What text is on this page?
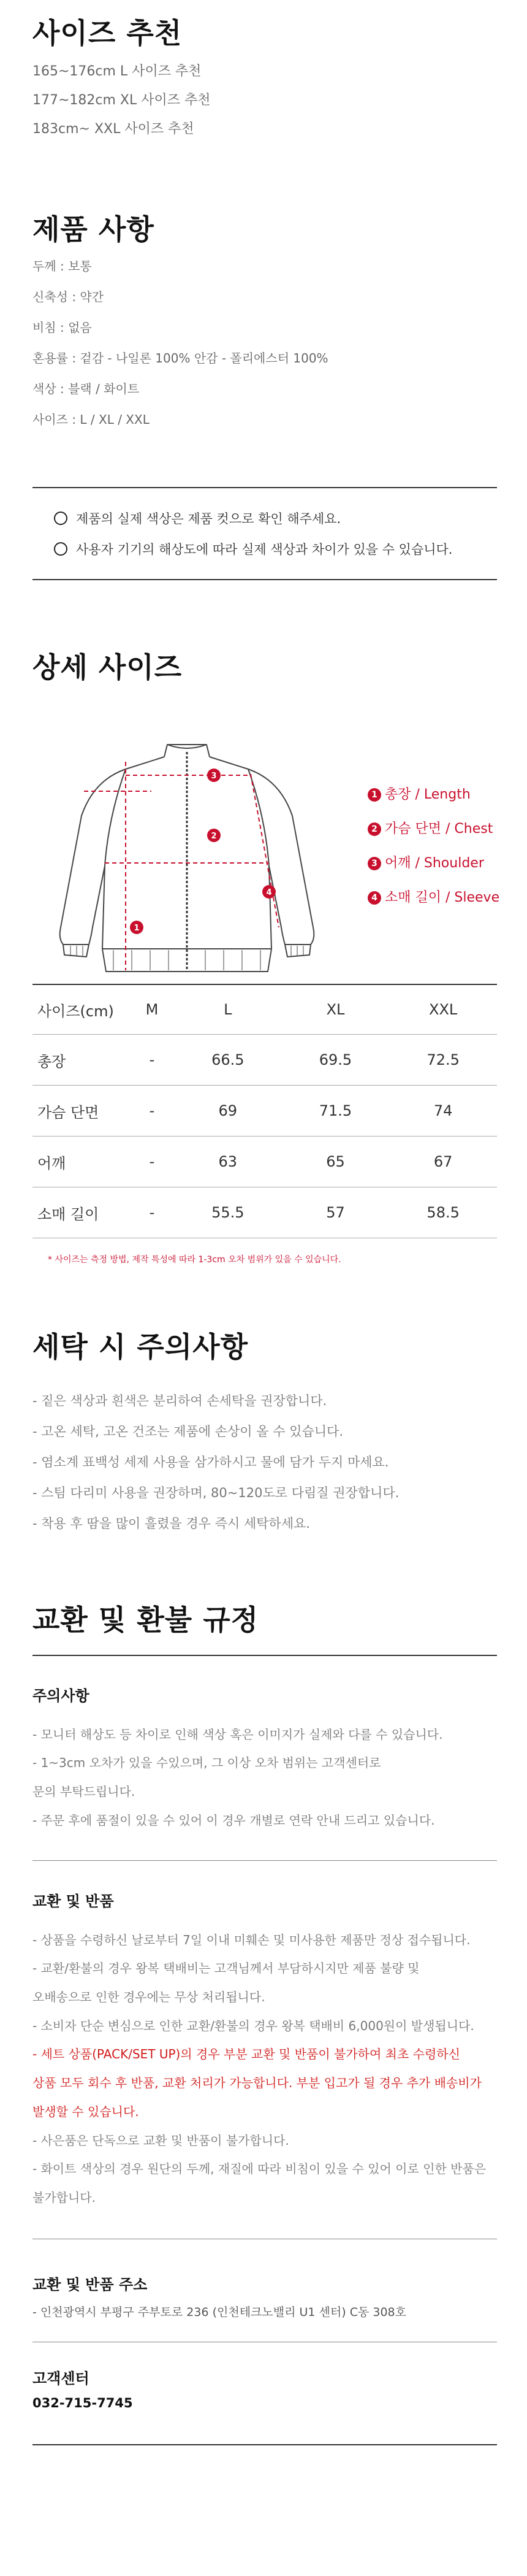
사이즈 추천
165~176cm L 사이즈 추천
177~182cm XL 사이즈 추천
183cm~ XXL 사이즈 추천
제품 사항
두께 : 보통
신축성 : 약간
비침 : 없음
혼용률 : 겉감 - 나일론 100% 안감 - 폴리에스터 100%
색상 : 블랙 / 화이트
사이즈 : L / XL / XXL
제품의 실제 색상은 제품 컷으로 확인 해주세요.
사용자 기기의 해상도에 따라 실제 색상과 차이가 있을 수 있습니다.
상세 사이즈
1
2
3
4
1 총장 / Length
2 가슴 단면 / Chest
3 어깨 / Shoulder
4 소매 길이 / Sleeve
사이즈(cm)	M	L	XL	XXL
총장	-	66.5	69.5	72.5
가슴 단면	-	69	71.5	74
어깨	-	63	65	67
소매 길이	-	55.5	57	58.5
* 사이즈는 측정 방법, 제작 특성에 따라 1-3cm 오차 범위가 있을 수 있습니다.
세탁 시 주의사항
- 짙은 색상과 흰색은 분리하여 손세탁을 권장합니다.
- 고온 세탁, 고온 건조는 제품에 손상이 올 수 있습니다.
- 염소계 표백성 세제 사용을 삼가하시고 물에 담가 두지 마세요.
- 스팀 다리미 사용을 권장하며, 80~120도로 다림질 권장합니다.
- 착용 후 땀을 많이 흘렸을 경우 즉시 세탁하세요.
교환 및 환불 규정
주의사항
- 모니터 해상도 등 차이로 인해 색상 혹은 이미지가 실제와 다를 수 있습니다.
- 1~3cm 오차가 있을 수있으며, 그 이상 오차 범위는 고객센터로
문의 부탁드립니다.
- 주문 후에 품절이 있을 수 있어 이 경우 개별로 연락 안내 드리고 있습니다.
교환 및 반품
- 상품을 수령하신 날로부터 7일 이내 미훼손 및 미사용한 제품만 정상 접수됩니다.
- 교환/환불의 경우 왕복 택배비는 고객님께서 부담하시지만 제품 불량 및
오배송으로 인한 경우에는 무상 처리됩니다.
- 소비자 단순 변심으로 인한 교환/환불의 경우 왕복 택배비 6,000원이 발생됩니다.
- 세트 상품(PACK/SET UP)의 경우 부분 교환 및 반품이 불가하여 최초 수령하신
상품 모두 회수 후 반품, 교환 처리가 가능합니다. 부분 입고가 될 경우 추가 배송비가
발생할 수 있습니다.
- 사은품은 단독으로 교환 및 반품이 불가합니다.
- 화이트 색상의 경우 원단의 두께, 재질에 따라 비침이 있을 수 있어 이로 인한 반품은
불가합니다.
교환 및 반품 주소
- 인천광역시 부평구 주부토로 236 (인천테크노밸리 U1 센터) C동 308호
고객센터
032-715-7745
